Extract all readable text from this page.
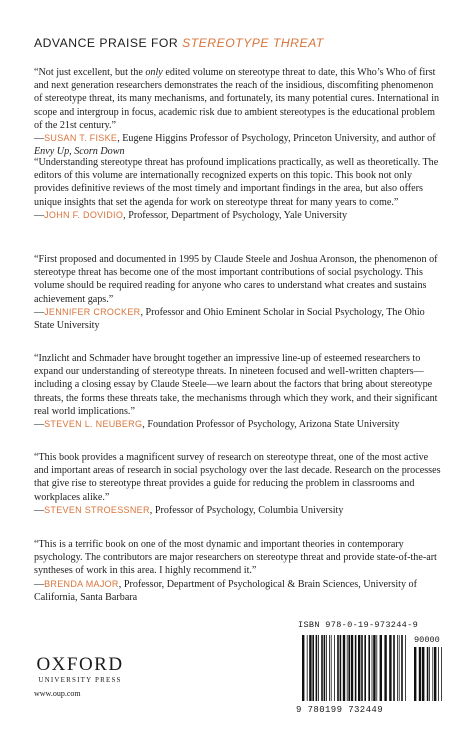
ADVANCE PRAISE FOR STEREOTYPE THREAT
“Not just excellent, but the only edited volume on stereotype threat to date, this Who’s Who of first and next generation researchers demonstrates the reach of the insidious, discomfiting phenomenon of stereotype threat, its many mechanisms, and fortunately, its many potential cures. International in scope and intergroup in focus, academic risk due to ambient stereotypes is the educational problem of the 21st century.”
—SUSAN T. FISKE, Eugene Higgins Professor of Psychology, Princeton University, and author of Envy Up, Scorn Down
“Understanding stereotype threat has profound implications practically, as well as theoretically. The editors of this volume are internationally recognized experts on this topic. This book not only provides definitive reviews of the most timely and important findings in the area, but also offers unique insights that set the agenda for work on stereotype threat for many years to come.”
—JOHN F. DOVIDIO, Professor, Department of Psychology, Yale University
“First proposed and documented in 1995 by Claude Steele and Joshua Aronson, the phenomenon of stereotype threat has become one of the most important contributions of social psychology. This volume should be required reading for anyone who cares to understand what creates and sustains achievement gaps.”
—JENNIFER CROCKER, Professor and Ohio Eminent Scholar in Social Psychology, The Ohio State University
“Inzlicht and Schmader have brought together an impressive line-up of esteemed researchers to expand our understanding of stereotype threats. In nineteen focused and well-written chapters—including a closing essay by Claude Steele—we learn about the factors that bring about stereotype threats, the forms these threats take, the mechanisms through which they work, and their significant real world implications.”
—STEVEN L. NEUBERG, Foundation Professor of Psychology, Arizona State University
“This book provides a magnificent survey of research on stereotype threat, one of the most active and important areas of research in social psychology over the last decade. Research on the processes that give rise to stereotype threat provides a guide for reducing the problem in classrooms and workplaces alike.”
—STEVEN STROESSNER, Professor of Psychology, Columbia University
“This is a terrific book on one of the most dynamic and important theories in contemporary psychology. The contributors are major researchers on stereotype threat and provide state-of-the-art syntheses of work in this area. I highly recommend it.”
—BRENDA MAJOR, Professor, Department of Psychological & Brain Sciences, University of California, Santa Barbara
OXFORD
UNIVERSITY PRESS
www.oup.com
ISBN 978-0-19-973244-9
90000
9 780199 732449
